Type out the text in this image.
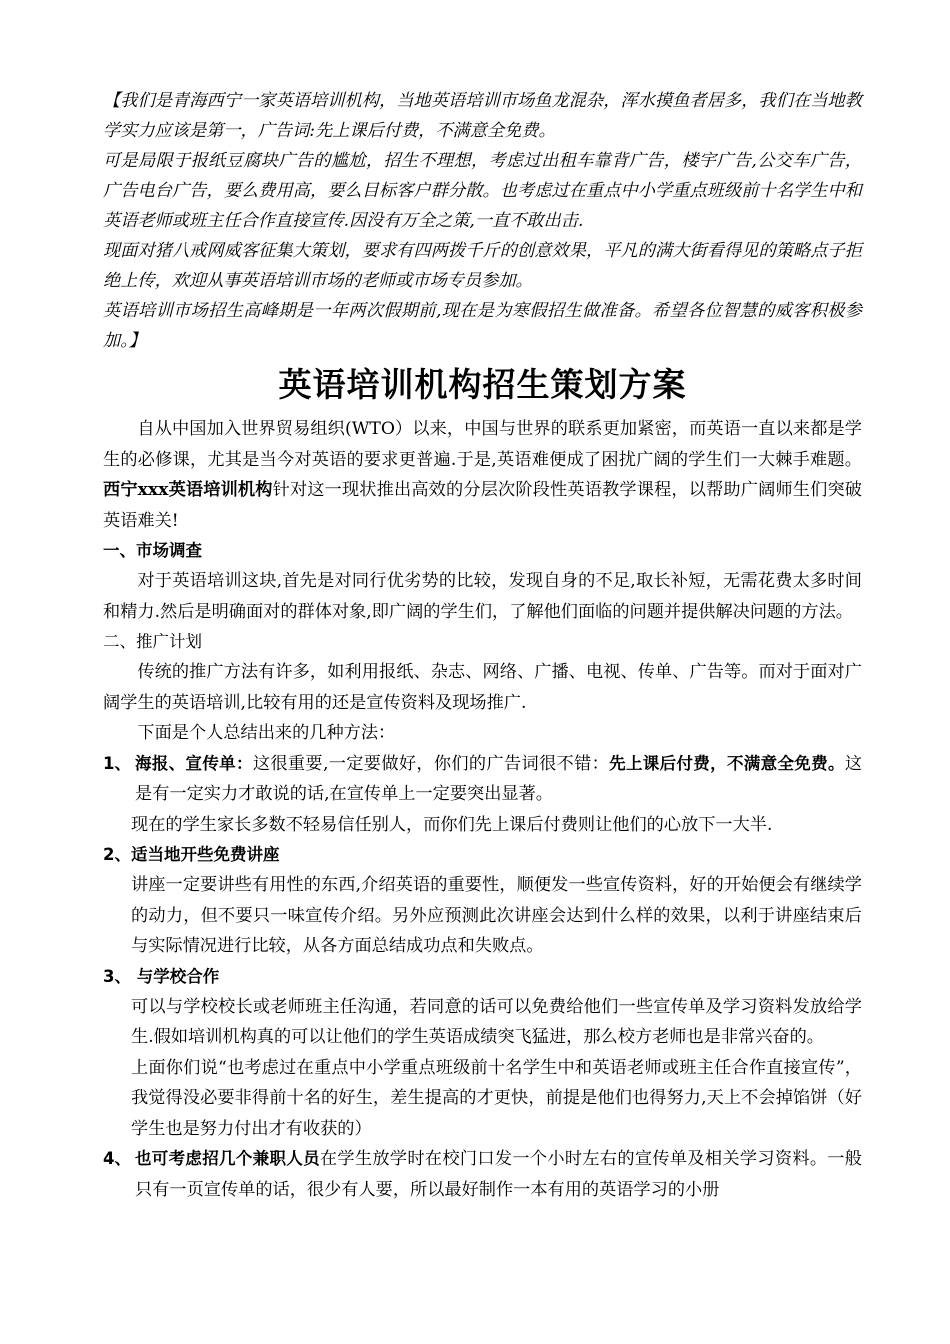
【我们是青海西宁一家英语培训机构，当地英语培训市场鱼龙混杂，浑水摸鱼者居多，我们在当地教学实力应该是第一，广告词:先上课后付费，不满意全免费。

可是局限于报纸豆腐块广告的尴尬，招生不理想，考虑过出租车靠背广告，楼宇广告,公交车广告，广告电台广告，要么费用高，要么目标客户群分散。也考虑过在重点中小学重点班级前十名学生中和英语老师或班主任合作直接宣传.因没有万全之策,一直不敢出击.

现面对猪八戒网威客征集大策划，要求有四两拨千斤的创意效果，平凡的满大街看得见的策略点子拒绝上传，欢迎从事英语培训市场的老师或市场专员参加。

英语培训市场招生高峰期是一年两次假期前,现在是为寒假招生做准备。希望各位智慧的威客积极参加。】

英语培训机构招生策划方案

自从中国加入世界贸易组织(WTO）以来，中国与世界的联系更加紧密，而英语一直以来都是学生的必修课，尤其是当今对英语的要求更普遍.于是,英语难便成了困扰广阔的学生们一大棘手难题。西宁xxx英语培训机构针对这一现状推出高效的分层次阶段性英语教学课程，以帮助广阔师生们突破英语难关!

一、市场调查

对于英语培训这块,首先是对同行优劣势的比较，发现自身的不足,取长补短，无需花费太多时间和精力.然后是明确面对的群体对象,即广阔的学生们，了解他们面临的问题并提供解决问题的方法。

二、推广计划

传统的推广方法有许多，如利用报纸、杂志、网络、广播、电视、传单、广告等。而对于面对广阔学生的英语培训,比较有用的还是宣传资料及现场推广.

下面是个人总结出来的几种方法：

1、 海报、宣传单：这很重要,一定要做好，你们的广告词很不错：先上课后付费，不满意全免费。这是有一定实力才敢说的话,在宣传单上一定要突出显著。

现在的学生家长多数不轻易信任别人，而你们先上课后付费则让他们的心放下一大半.

2、适当地开些免费讲座

讲座一定要讲些有用性的东西,介绍英语的重要性，顺便发一些宣传资料，好的开始便会有继续学的动力，但不要只一味宣传介绍。另外应预测此次讲座会达到什么样的效果，以利于讲座结束后与实际情况进行比较，从各方面总结成功点和失败点。

3、 与学校合作

可以与学校校长或老师班主任沟通，若同意的话可以免费给他们一些宣传单及学习资料发放给学生.假如培训机构真的可以让他们的学生英语成绩突飞猛进，那么校方老师也是非常兴奋的。

上面你们说“也考虑过在重点中小学重点班级前十名学生中和英语老师或班主任合作直接宣传”，我觉得没必要非得前十名的好生，差生提高的才更快，前提是他们也得努力,天上不会掉馅饼（好学生也是努力付出才有收获的）

4、 也可考虑招几个兼职人员在学生放学时在校门口发一个小时左右的宣传单及相关学习资料。一般只有一页宣传单的话，很少有人要，所以最好制作一本有用的英语学习的小册
